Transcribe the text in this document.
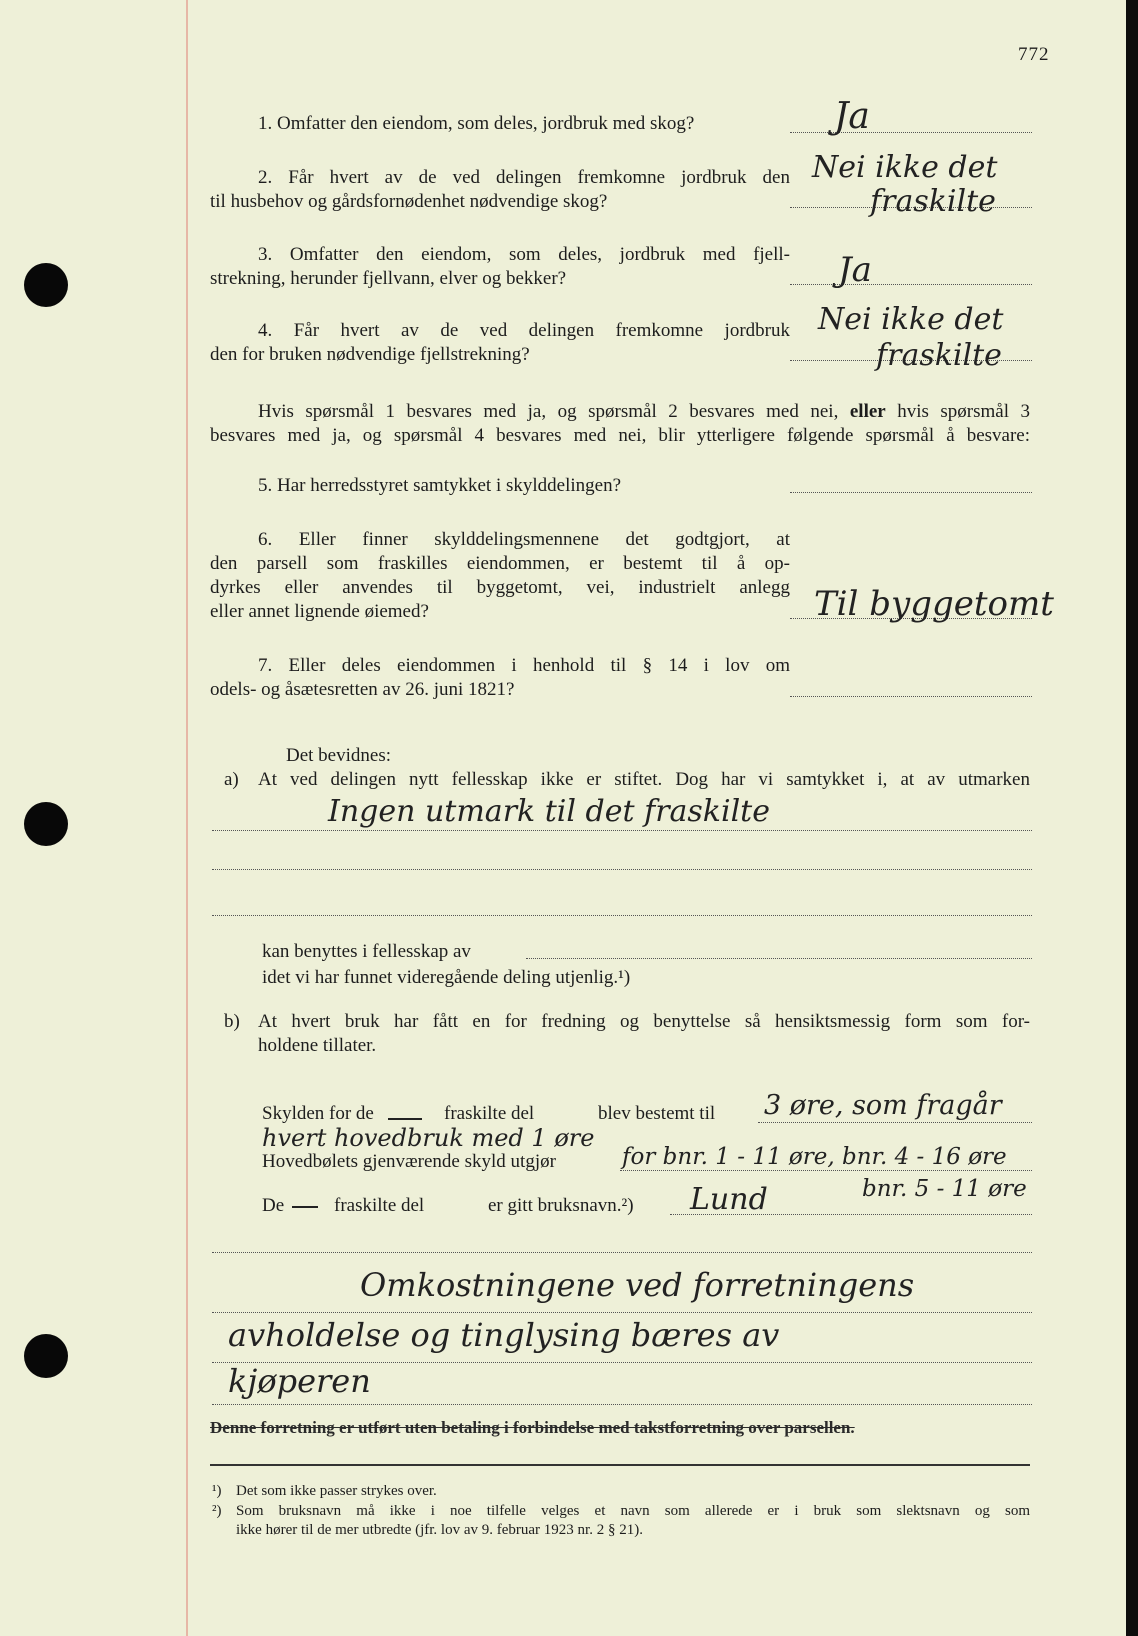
772
1. Omfatter den eiendom, som deles, jordbruk med skog?	Ja
2. Får hvert av de ved delingen fremkomne jordbruk den
til husbehov og gårdsfornødenhet nødvendige skog?
Nei ikke det
fraskilte
3. Omfatter den eiendom, som deles, jordbruk med fjell-
strekning, herunder fjellvann, elver og bekker?	Ja
4. Får hvert av de ved delingen fremkomne jordbruk
den for bruken nødvendige fjellstrekning?
Nei ikke det
fraskilte
Hvis spørsmål 1 besvares med ja, og spørsmål 2 besvares med nei, eller hvis spørsmål 3
besvares med ja, og spørsmål 4 besvares med nei, blir ytterligere følgende spørsmål å besvare:
5. Har herredsstyret samtykket i skylddelingen?
6. Eller finner skylddelingsmennene det godtgjort, at
den parsell som fraskilles eiendommen, er bestemt til å op-
dyrkes eller anvendes til byggetomt, vei, industrielt anlegg
eller annet lignende øiemed?	Til byggetomt
7. Eller deles eiendommen i henhold til § 14 i lov om
odels- og åsætesretten av 26. juni 1821?
Det bevidnes:
a) At ved delingen nytt fellesskap ikke er stiftet. Dog har vi samtykket i, at av utmarken
Ingen utmark til det fraskilte
kan benyttes i fellesskap av
idet vi har funnet videregående deling utjenlig.¹)
b) At hvert bruk har fått en for fredning og benyttelse så hensiktsmessig form som for-
holdene tillater.
Skylden for de	fraskilte del	blev bestemt til 3 øre, som fragår
hvert hovedbruk med 1 øre
Hovedbølets gjenværende skyld utgjør	for bnr. 1 - 11 øre, bnr. 4 - 16 øre
De	fraskilte del	er gitt bruksnavn.²) Lund	bnr. 5 - 11 øre
Omkostningene ved forretningens
avholdelse og tinglysing bæres av
kjøperen
Denne forretning er utført uten betaling i forbindelse med takstforretning over parsellen.
¹) Det som ikke passer strykes over.
²) Som bruksnavn må ikke i noe tilfelle velges et navn som allerede er i bruk som slektsnavn og som
ikke hører til de mer utbredte (jfr. lov av 9. februar 1923 nr. 2 § 21).
